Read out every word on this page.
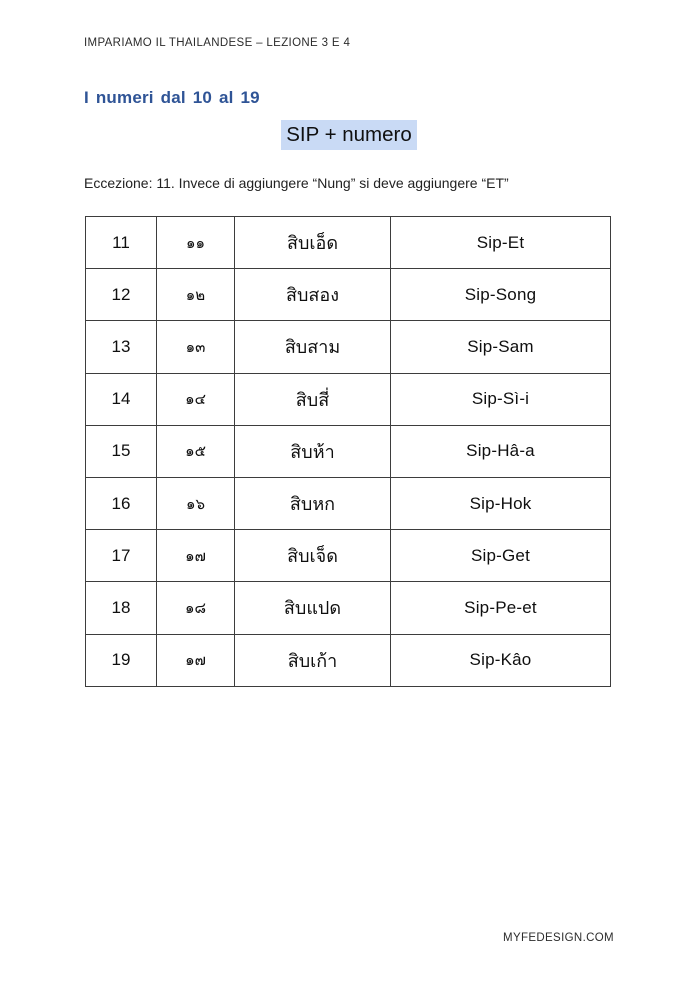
IMPARIAMO IL THAILANDESE – LEZIONE 3 E 4
I numeri dal 10 al 19
SIP + numero
Eccezione: 11. Invece di aggiungere “Nung” si deve aggiungere “ET”
11	๑๑	สิบเอ็ด	Sip-Et
12	๑๒	สิบสอง	Sip-Song
13	๑๓	สิบสาม	Sip-Sam
14	๑๔	สิบสี่	Sip-Sì-i
15	๑๕	สิบห้า	Sip-Hâ-a
16	๑๖	สิบหก	Sip-Hok
17	๑๗	สิบเจ็ด	Sip-Get
18	๑๘	สิบแปด	Sip-Pe-et
19	๑๗	สิบเก้า	Sip-Kâo
MYFEDESIGN.COM
